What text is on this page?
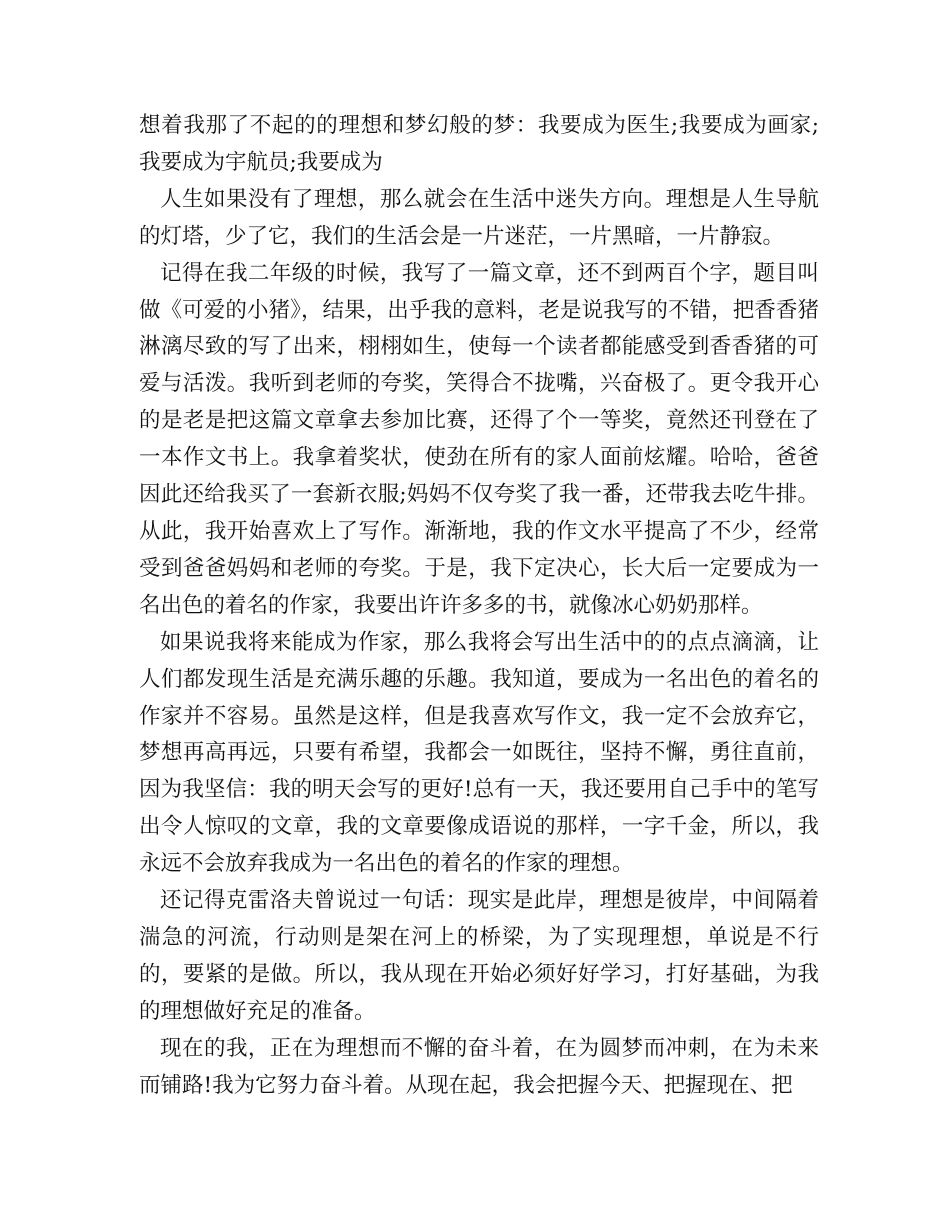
想着我那了不起的的理想和梦幻般的梦：我要成为医生;我要成为画家;我要成为宇航员;我要成为

人生如果没有了理想，那么就会在生活中迷失方向。理想是人生导航的灯塔，少了它，我们的生活会是一片迷茫，一片黑暗，一片静寂。

记得在我二年级的时候，我写了一篇文章，还不到两百个字，题目叫做《可爱的小猪》，结果，出乎我的意料，老是说我写的不错，把香香猪淋漓尽致的写了出来，栩栩如生，使每一个读者都能感受到香香猪的可爱与活泼。我听到老师的夸奖，笑得合不拢嘴，兴奋极了。更令我开心的是老是把这篇文章拿去参加比赛，还得了个一等奖，竟然还刊登在了一本作文书上。我拿着奖状，使劲在所有的家人面前炫耀。哈哈，爸爸因此还给我买了一套新衣服;妈妈不仅夸奖了我一番，还带我去吃牛排。从此，我开始喜欢上了写作。渐渐地，我的作文水平提高了不少，经常受到爸爸妈妈和老师的夸奖。于是，我下定决心，长大后一定要成为一名出色的着名的作家，我要出许许多多的书，就像冰心奶奶那样。

如果说我将来能成为作家，那么我将会写出生活中的的点点滴滴，让人们都发现生活是充满乐趣的乐趣。我知道，要成为一名出色的着名的作家并不容易。虽然是这样，但是我喜欢写作文，我一定不会放弃它，梦想再高再远，只要有希望，我都会一如既往，坚持不懈，勇往直前，因为我坚信：我的明天会写的更好!总有一天，我还要用自己手中的笔写出令人惊叹的文章，我的文章要像成语说的那样，一字千金，所以，我永远不会放弃我成为一名出色的着名的作家的理想。

还记得克雷洛夫曾说过一句话：现实是此岸，理想是彼岸，中间隔着湍急的河流，行动则是架在河上的桥梁，为了实现理想，单说是不行的，要紧的是做。所以，我从现在开始必须好好学习，打好基础，为我的理想做好充足的准备。

现在的我，正在为理想而不懈的奋斗着，在为圆梦而冲刺，在为未来而铺路!我为它努力奋斗着。从现在起，我会把握今天、把握现在、把
